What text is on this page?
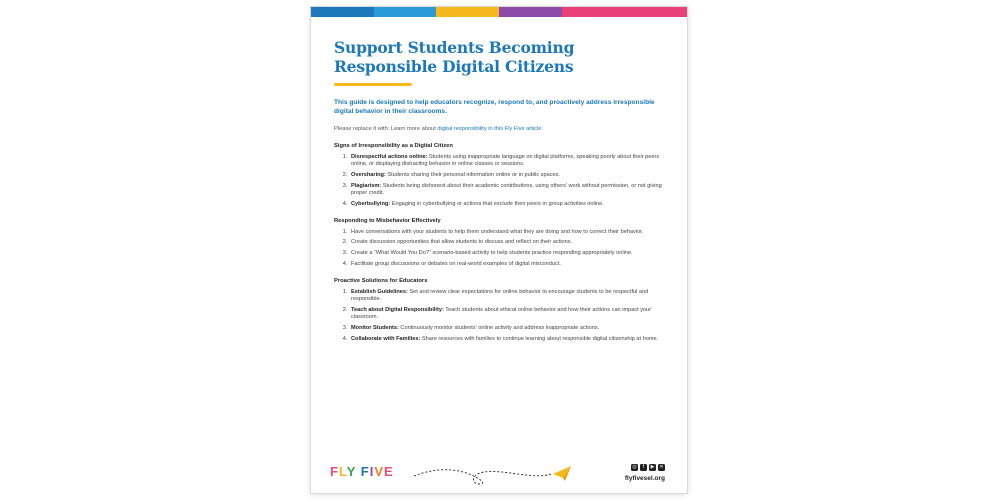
Support Students Becoming
Responsible Digital Citizens
This guide is designed to help educators recognize, respond to, and proactively address irresponsible digital behavior in their classrooms.
Please replace it with: Learn more about digital responsibility in this Fly Five article.
Signs of Irresponsibility as a Digital Citizen
1. Disrespectful actions online: Students using inappropriate language on digital platforms, speaking poorly about their peers online, or displaying distracting behavior in online classes or sessions.
2. Oversharing: Students sharing their personal information online or in public spaces.
3. Plagiarism: Students being dishonest about their academic contributions, using others’ work without permission, or not giving proper credit.
4. Cyberbullying: Engaging in cyberbullying or actions that exclude their peers in group activities online.
Responding to Misbehavior Effectively
1. Have conversations with your students to help them understand what they are doing and how to correct their behavior.
2. Create discussion opportunities that allow students to discuss and reflect on their actions.
3. Create a “What Would You Do?” scenario-based activity to help students practice responding appropriately online.
4. Facilitate group discussions or debates on real-world examples of digital misconduct.
Proactive Solutions for Educators
1. Establish Guidelines: Set and review clear expectations for online behavior to encourage students to be respectful and responsible.
2. Teach about Digital Responsibility: Teach students about ethical online behavior and how their actions can impact your classroom.
3. Monitor Students: Continuously monitor students’ online activity and address inappropriate actions.
4. Collaborate with Families: Share resources with families to continue learning about responsible digital citizenship at home.
FLY FIVE	◎	f	▶ ✕
flyfivesel.org
